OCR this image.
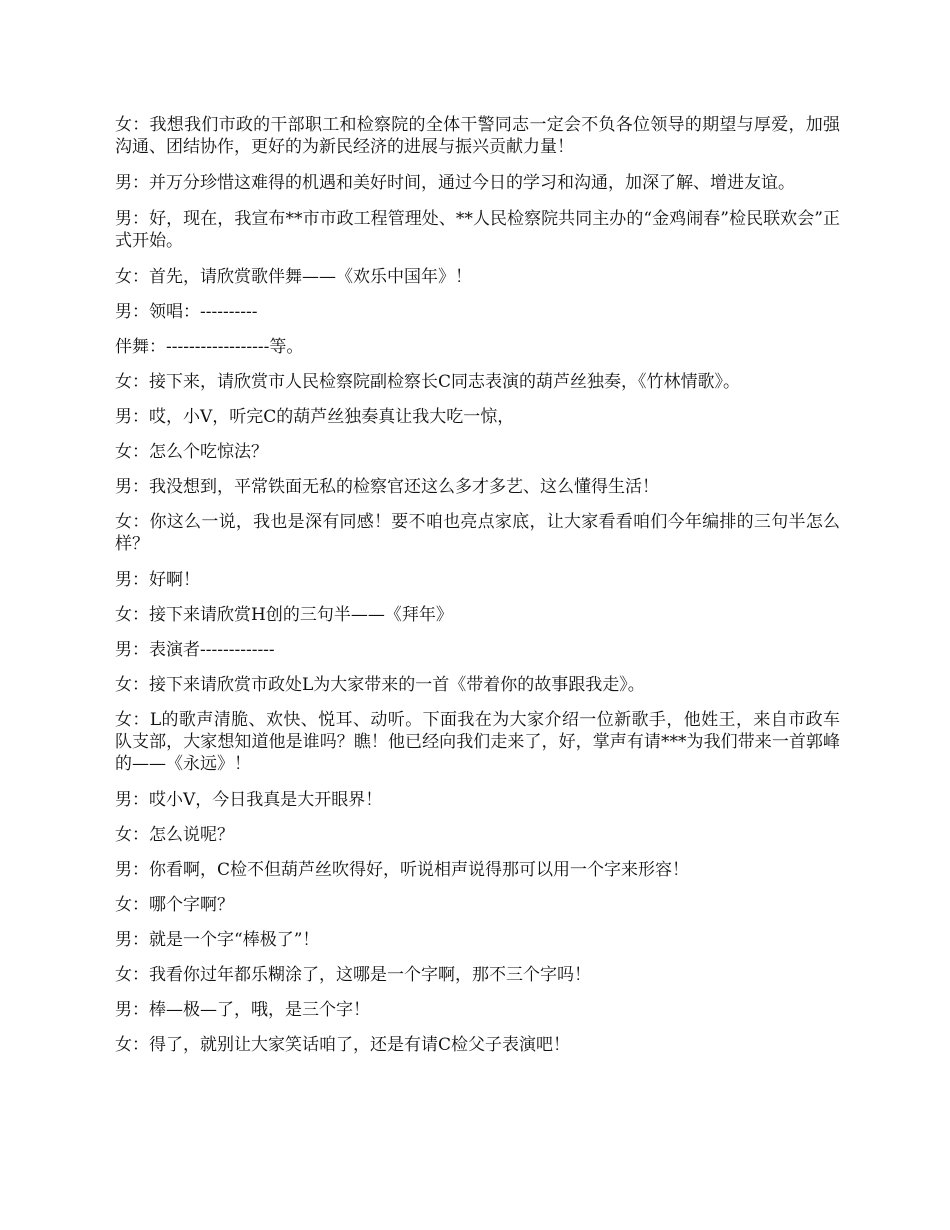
女：我想我们市政的干部职工和检察院的全体干警同志一定会不负各位领导的期望与厚爱，加强沟通、团结协作，更好的为新民经济的进展与振兴贡献力量！

男：并万分珍惜这难得的机遇和美好时间，通过今日的学习和沟通，加深了解、增进友谊。

男：好，现在，我宣布**市市政工程管理处、**人民检察院共同主办的“金鸡闹春”检民联欢会”正式开始。

女：首先，请欣赏歌伴舞——《欢乐中国年》！

男：领唱：----------

伴舞：------------------等。

女：接下来，请欣赏市人民检察院副检察长C同志表演的葫芦丝独奏，《竹林情歌》。

男：哎，小V，听完C的葫芦丝独奏真让我大吃一惊，

女：怎么个吃惊法？

男：我没想到，平常铁面无私的检察官还这么多才多艺、这么懂得生活！

女：你这么一说，我也是深有同感！要不咱也亮点家底，让大家看看咱们今年编排的三句半怎么样？

男：好啊！

女：接下来请欣赏H创的三句半——《拜年》

男：表演者-------------

女：接下来请欣赏市政处L为大家带来的一首《带着你的故事跟我走》。

女：L的歌声清脆、欢快、悦耳、动听。下面我在为大家介绍一位新歌手，他姓王，来自市政车队支部，大家想知道他是谁吗？瞧！他已经向我们走来了，好，掌声有请***为我们带来一首郭峰的——《永远》！

男：哎小V，今日我真是大开眼界！

女：怎么说呢？

男：你看啊，C检不但葫芦丝吹得好，听说相声说得那可以用一个字来形容！

女：哪个字啊？

男：就是一个字“棒极了”！

女：我看你过年都乐糊涂了，这哪是一个字啊，那不三个字吗！

男：棒—极—了，哦，是三个字！

女：得了，就别让大家笑话咱了，还是有请C检父子表演吧！
